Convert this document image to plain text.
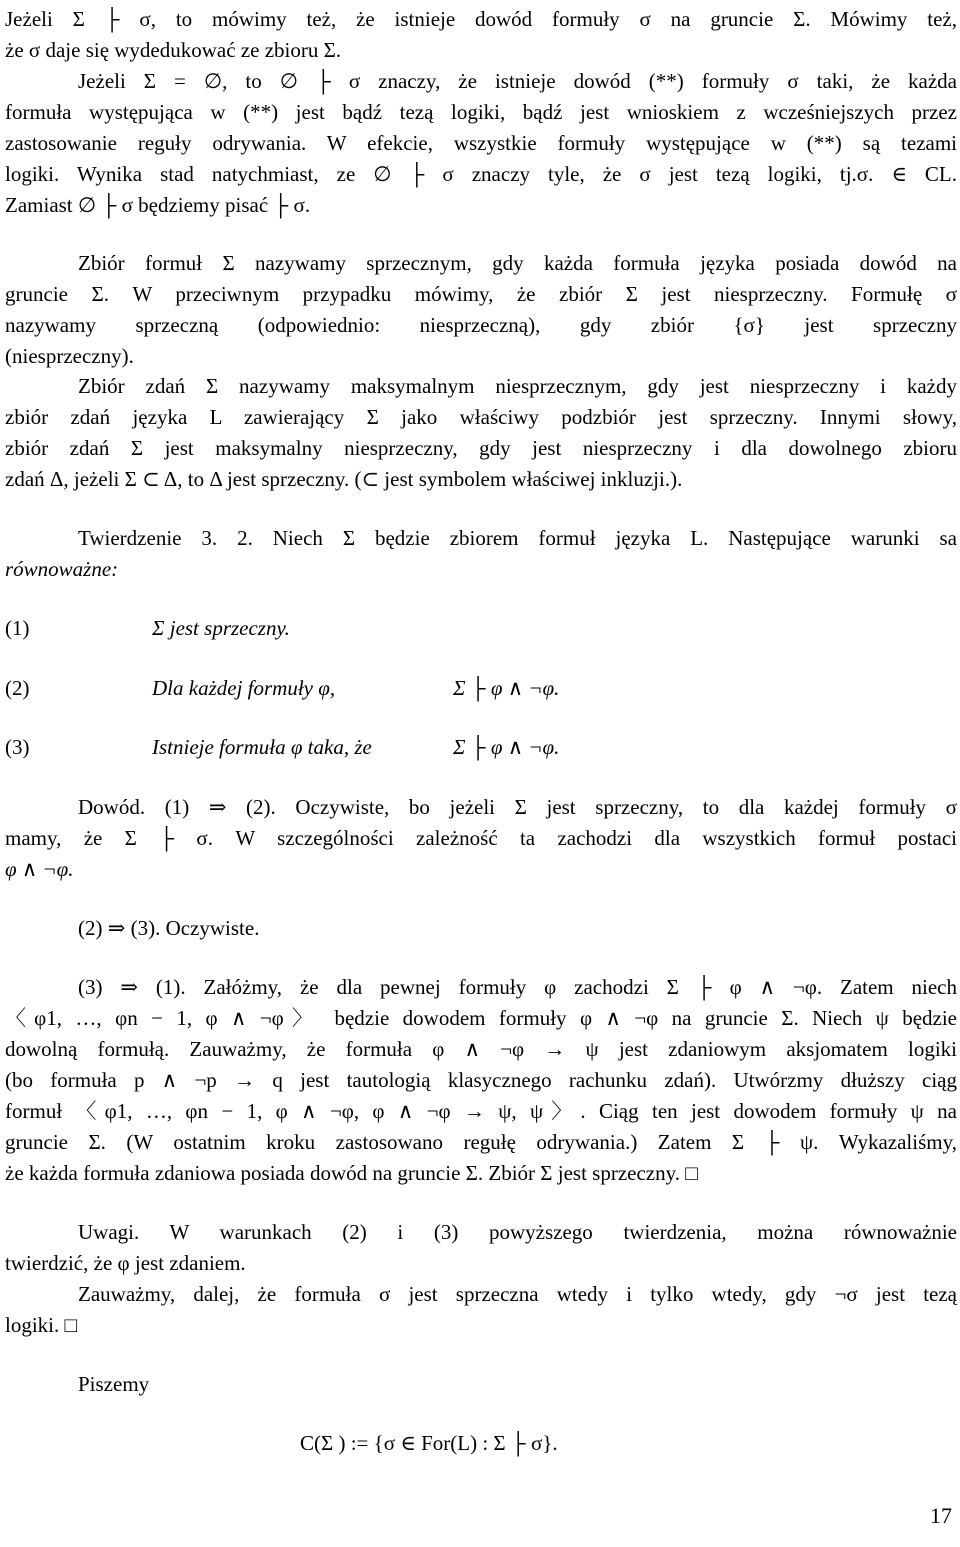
Jeżeli Σ ├ σ, to mówimy też, że istnieje dowód formuły σ na gruncie Σ. Mówimy też,
że σ daje się wydedukować ze zbioru Σ.
Jeżeli Σ = ∅, to ∅ ├ σ znaczy, że istnieje dowód (**) formuły σ taki, że każda
formuła występująca w (**) jest bądź tezą logiki, bądź jest wnioskiem z wcześniejszych przez
zastosowanie reguły odrywania. W efekcie, wszystkie formuły występujące w (**) są tezami
logiki. Wynika stad natychmiast, ze ∅ ├ σ znaczy tyle, że σ jest tezą logiki, tj.σ. ∈ CL.
Zamiast ∅ ├ σ będziemy pisać ├ σ.
Zbiór formuł Σ nazywamy sprzecznym, gdy każda formuła języka posiada dowód na
gruncie Σ. W przeciwnym przypadku mówimy, że zbiór Σ jest niesprzeczny. Formułę σ
nazywamy sprzeczną (odpowiednio: niesprzeczną), gdy zbiór {σ} jest sprzeczny
(niesprzeczny).
Zbiór zdań Σ nazywamy maksymalnym niesprzecznym, gdy jest niesprzeczny i każdy
zbiór zdań języka L zawierający Σ jako właściwy podzbiór jest sprzeczny. Innymi słowy,
zbiór zdań Σ jest maksymalny niesprzeczny, gdy jest niesprzeczny i dla dowolnego zbioru
zdań Δ, jeżeli Σ ⊂ Δ, to Δ jest sprzeczny. (⊂ jest symbolem właściwej inkluzji.).
Twierdzenie 3. 2. Niech Σ będzie zbiorem formuł języka L. Następujące warunki sa
równoważne:
(1)	Σ jest sprzeczny.
(2)	Dla każdej formuły φ,	Σ ├ φ ∧ ¬φ.
(3)	Istnieje formuła φ taka, że	Σ ├ φ ∧ ¬φ.
Dowód. (1) ⇒ (2). Oczywiste, bo jeżeli Σ jest sprzeczny, to dla każdej formuły σ
mamy, że Σ ├ σ. W szczególności zależność ta zachodzi dla wszystkich formuł postaci
φ ∧ ¬φ.
(2) ⇒ (3). Oczywiste.
(3) ⇒ (1). Załóżmy, że dla pewnej formuły φ zachodzi Σ ├ φ ∧ ¬φ. Zatem niech
〈φ1, …, φn − 1, φ ∧ ¬φ〉 będzie dowodem formuły φ ∧ ¬φ na gruncie Σ. Niech ψ będzie
dowolną formułą. Zauważmy, że formuła φ ∧ ¬φ → ψ jest zdaniowym aksjomatem logiki
(bo formuła p ∧ ¬p → q jest tautologią klasycznego rachunku zdań). Utwórzmy dłuższy ciąg
formuł 〈φ1, …, φn − 1, φ ∧ ¬φ, φ ∧ ¬φ → ψ, ψ〉. Ciąg ten jest dowodem formuły ψ na
gruncie Σ. (W ostatnim kroku zastosowano regułę odrywania.) Zatem Σ ├ ψ. Wykazaliśmy,
że każda formuła zdaniowa posiada dowód na gruncie Σ. Zbiór Σ jest sprzeczny. □
Uwagi. W warunkach (2) i (3) powyższego twierdzenia, można równoważnie
twierdzić, że φ jest zdaniem.
Zauważmy, dalej, że formuła σ jest sprzeczna wtedy i tylko wtedy, gdy ¬σ jest tezą
logiki. □
Piszemy
C(Σ ) := {σ ∈ For(L) : Σ ├ σ}.
17
